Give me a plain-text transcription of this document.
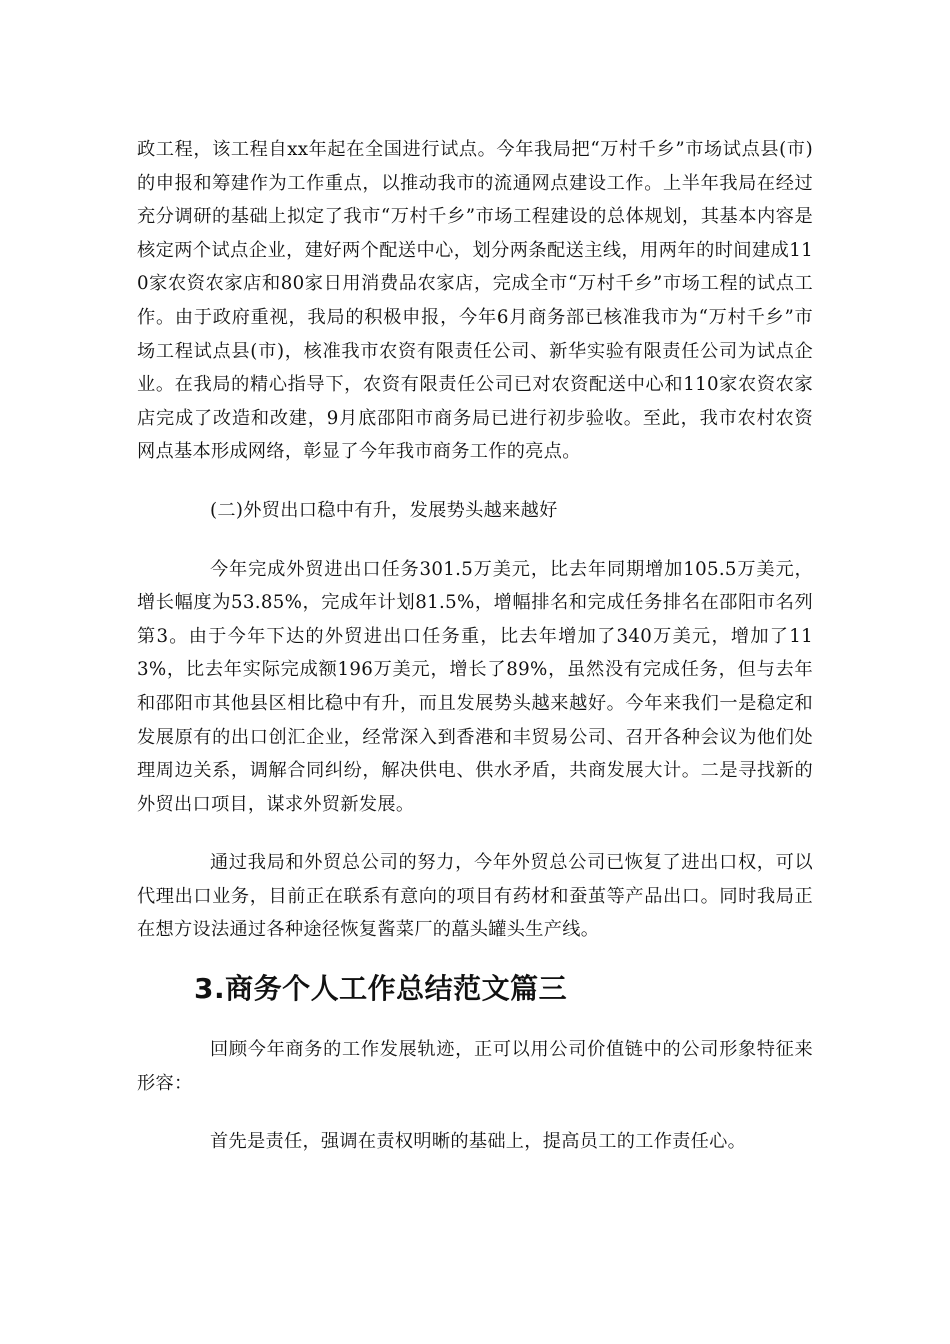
政工程，该工程自xx年起在全国进行试点。今年我局把“万村千乡”市场试点县(市)的申报和筹建作为工作重点，以推动我市的流通网点建设工作。上半年我局在经过充分调研的基础上拟定了我市“万村千乡”市场工程建设的总体规划，其基本内容是核定两个试点企业，建好两个配送中心，划分两条配送主线，用两年的时间建成110家农资农家店和80家日用消费品农家店，完成全市“万村千乡”市场工程的试点工作。由于政府重视，我局的积极申报，今年6月商务部已核准我市为“万村千乡”市场工程试点县(市)，核准我市农资有限责任公司、新华实验有限责任公司为试点企业。在我局的精心指导下，农资有限责任公司已对农资配送中心和110家农资农家店完成了改造和改建，9月底邵阳市商务局已进行初步验收。至此，我市农村农资网点基本形成网络，彰显了今年我市商务工作的亮点。

(二)外贸出口稳中有升，发展势头越来越好

今年完成外贸进出口任务301.5万美元，比去年同期增加105.5万美元，增长幅度为53.85%，完成年计划81.5%，增幅排名和完成任务排名在邵阳市名列第3。由于今年下达的外贸进出口任务重，比去年增加了340万美元，增加了113%，比去年实际完成额196万美元，增长了89%，虽然没有完成任务，但与去年和邵阳市其他县区相比稳中有升，而且发展势头越来越好。今年来我们一是稳定和发展原有的出口创汇企业，经常深入到香港和丰贸易公司、召开各种会议为他们处理周边关系，调解合同纠纷，解决供电、供水矛盾，共商发展大计。二是寻找新的外贸出口项目，谋求外贸新发展。

通过我局和外贸总公司的努力，今年外贸总公司已恢复了进出口权，可以代理出口业务，目前正在联系有意向的项目有药材和蚕茧等产品出口。同时我局正在想方设法通过各种途径恢复酱菜厂的藠头罐头生产线。

3.商务个人工作总结范文篇三

回顾今年商务的工作发展轨迹，正可以用公司价值链中的公司形象特征来形容：

首先是责任，强调在责权明晰的基础上，提高员工的工作责任心。
